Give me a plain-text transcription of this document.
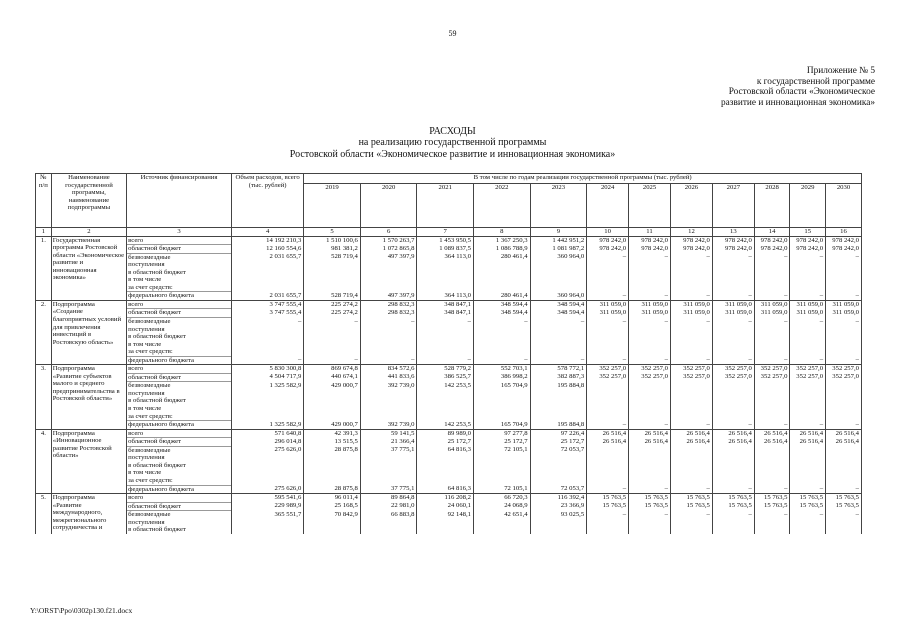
59
Приложение № 5
к государственной программе
Ростовской области «Экономическое
развитие и инновационная экономика»
РАСХОДЫ
на реализацию государственной программы
Ростовской области «Экономическое развитие и инновационная экономика»
№ п/п	Наименование государственной программы, наименование подпрограммы	Источник финансирования	Объем расходов, всего (тыс. рублей)	В том числе по годам реализации государственной программы (тыс. рублей)											
				2019	2020	2021	2022	2023	2024	2025	2026	2027	2028	2029	2030
1	2	3	4	5	6	7	8	9	10	11	12	13	14	15	16
1.	Государственная программа Ростовской области «Экономическое развитие и инновационная экономика»	всего	14 192 210,3	1 510 100,6	1 570 263,7	1 453 950,5	1 367 250,3	1 442 951,2	978 242,0	978 242,0	978 242,0	978 242,0	978 242,0	978 242,0	978 242,0
		областной бюджет	12 160 554,6	981 381,2	1 072 865,8	1 089 837,5	1 086 788,9	1 081 987,2	978 242,0	978 242,0	978 242,0	978 242,0	978 242,0	978 242,0	978 242,0
		безвозмездные	2 031 655,7	528 719,4	497 397,9	364 113,0	280 461,4	360 964,0	–	–	–	–	–	–	–
		поступления													
		в областной бюджет													
		в том числе													
		за счет средств:													
		федерального бюджета	2 031 655,7	528 719,4	497 397,9	364 113,0	280 461,4	360 964,0	–	–	–	–	–	–	–
2.	Подпрограмма «Создание благоприятных условий для привлечения инвестиций в Ростовскую область»	всего	3 747 555,4	225 274,2	298 832,3	348 847,1	348 594,4	348 594,4	311 059,0	311 059,0	311 059,0	311 059,0	311 059,0	311 059,0	311 059,0
		областной бюджет	3 747 555,4	225 274,2	298 832,3	348 847,1	348 594,4	348 594,4	311 059,0	311 059,0	311 059,0	311 059,0	311 059,0	311 059,0	311 059,0
		безвозмездные	–	–	–	–	–	–	–	–	–	–	–	–	–
		поступления													
		в областной бюджет													
		в том числе													
		за счет средств:													
		федерального бюджета	–	–	–	–	–	–	–	–	–	–	–	–	–
3.	Подпрограмма «Развитие субъектов малого и среднего предпринимательства в Ростовской области»	всего	5 830 300,8	869 674,8	834 572,6	528 779,2	552 703,1	578 772,1	352 257,0	352 257,0	352 257,0	352 257,0	352 257,0	352 257,0	352 257,0
		областной бюджет	4 504 717,9	440 674,1	441 833,6	386 525,7	386 998,2	382 887,3	352 257,0	352 257,0	352 257,0	352 257,0	352 257,0	352 257,0	352 257,0
		безвозмездные	1 325 582,9	429 000,7	392 739,0	142 253,5	165 704,9	195 884,8							
		поступления													
		в областной бюджет													
		в том числе													
		за счет средств:													
		федерального бюджета	1 325 582,9	429 000,7	392 739,0	142 253,5	165 704,9	195 884,8	–	–	–	–	–	–	–
4.	Подпрограмма «Инновационное развитие Ростовской области»	всего	571 640,8	42 391,3	59 141,5	89 989,0	97 277,8	97 226,4	26 516,4	26 516,4	26 516,4	26 516,4	26 516,4	26 516,4	26 516,4
		областной бюджет	296 014,8	13 515,5	21 366,4	25 172,7	25 172,7	25 172,7	26 516,4	26 516,4	26 516,4	26 516,4	26 516,4	26 516,4	26 516,4
		безвозмездные	275 626,0	28 875,8	37 775,1	64 816,3	72 105,1	72 053,7							
		поступления													
		в областной бюджет													
		в том числе													
		за счет средств:													
		федерального бюджета	275 626,0	28 875,8	37 775,1	64 816,3	72 105,1	72 053,7	–	–	–	–	–	–	–
5.	Подпрограмма «Развитие международного, межрегионального сотрудничества и	всего	595 541,6	96 011,4	89 864,8	116 208,2	66 720,3	116 392,4	15 763,5	15 763,5	15 763,5	15 763,5	15 763,5	15 763,5	15 763,5
		областной бюджет	229 989,9	25 168,5	22 981,0	24 060,1	24 068,9	23 366,9	15 763,5	15 763,5	15 763,5	15 763,5	15 763,5	15 763,5	15 763,5
		безвозмездные	365 551,7	70 842,9	66 883,8	92 148,1	42 651,4	93 025,5	–	–	–	–	–	–	–
		поступления													
		в областной бюджет													
Y:\ORST\Ppo\0302p130.f21.docx
